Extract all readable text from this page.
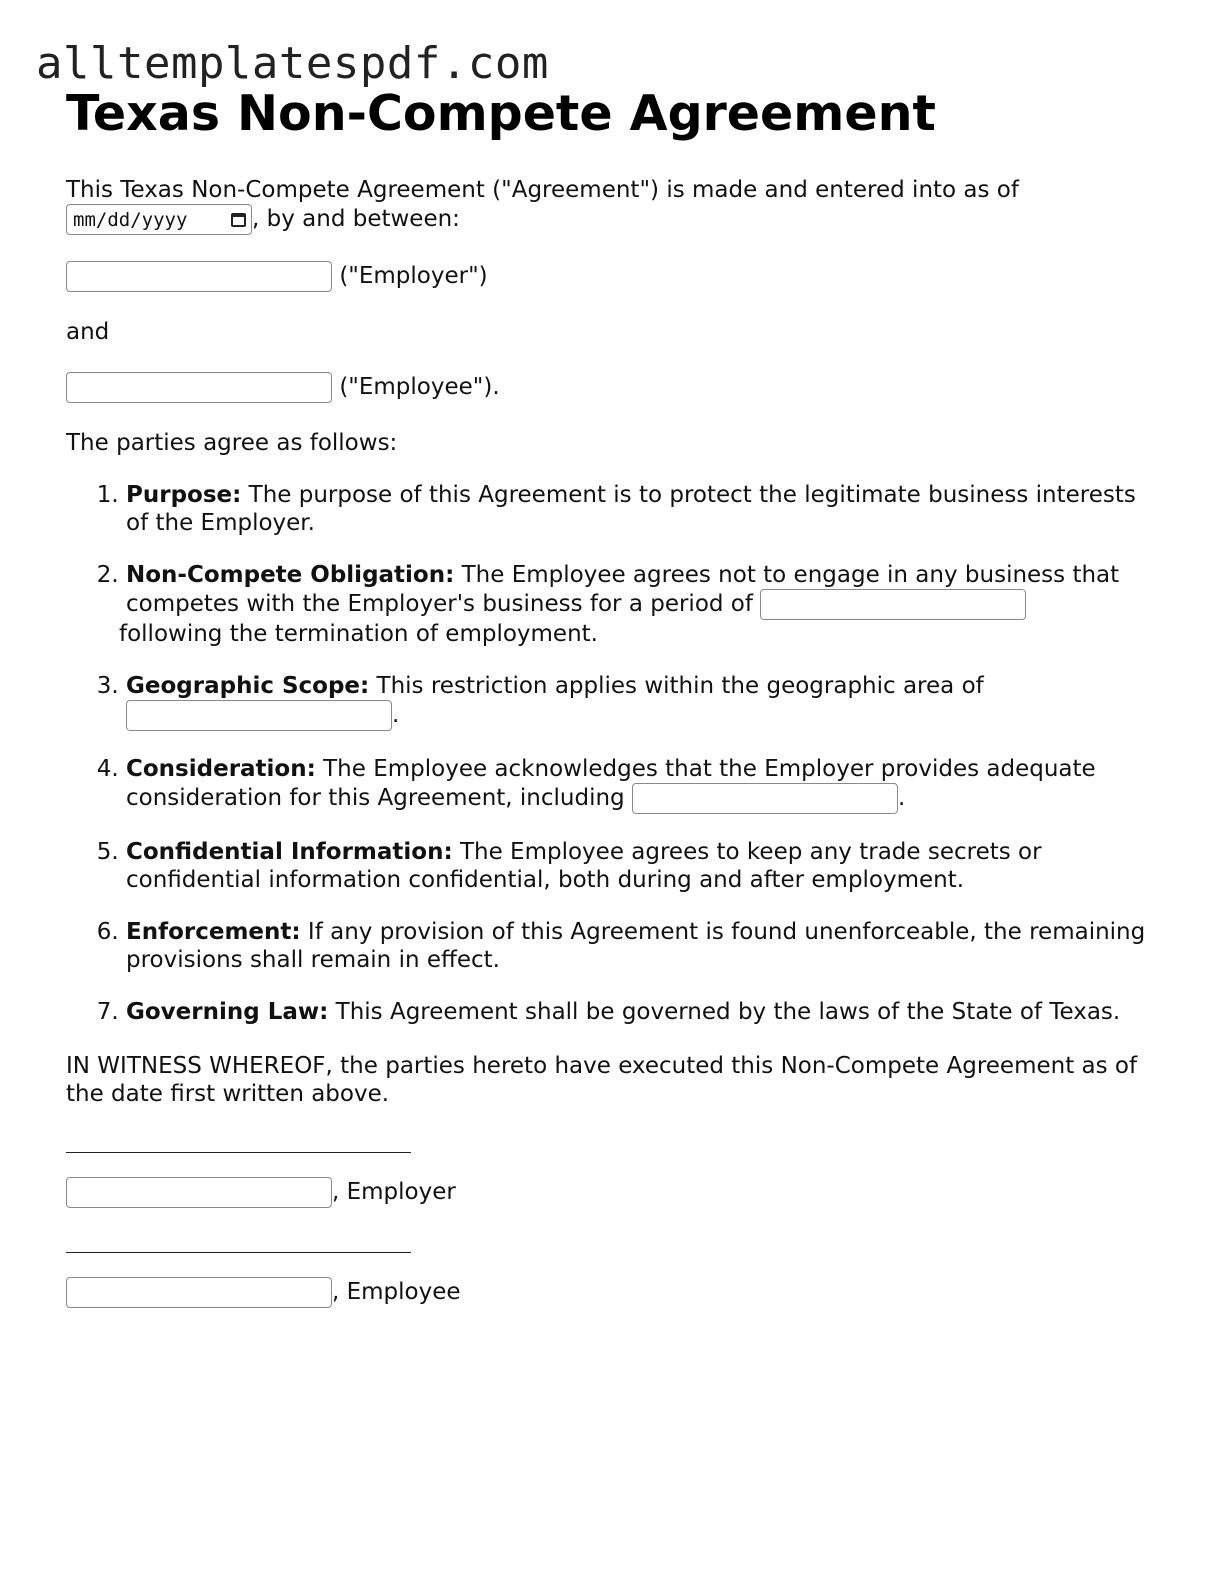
alltemplatespdf.com
Texas Non-Compete Agreement

This Texas Non-Compete Agreement ("Agreement") is made and entered into as of

mm/dd/yyyy	, by and between:

("Employer")

and

("Employee").

The parties agree as follows:

1. Purpose: The purpose of this Agreement is to protect the legitimate business interests of the Employer.
2. Non-Compete Obligation: The Employee agrees not to engage in any business that competes with the Employer's business for a period of
following the termination of employment.
3. Geographic Scope: This restriction applies within the geographic area of
.
4. Consideration: The Employee acknowledges that the Employer provides adequate consideration for this Agreement, including	.
5. Confidential Information: The Employee agrees to keep any trade secrets or confidential information confidential, both during and after employment.
6. Enforcement: If any provision of this Agreement is found unenforceable, the remaining provisions shall remain in effect.
7. Governing Law: This Agreement shall be governed by the laws of the State of Texas.

IN WITNESS WHEREOF, the parties hereto have executed this Non-Compete Agreement as of the date first written above.

, Employer

, Employee
